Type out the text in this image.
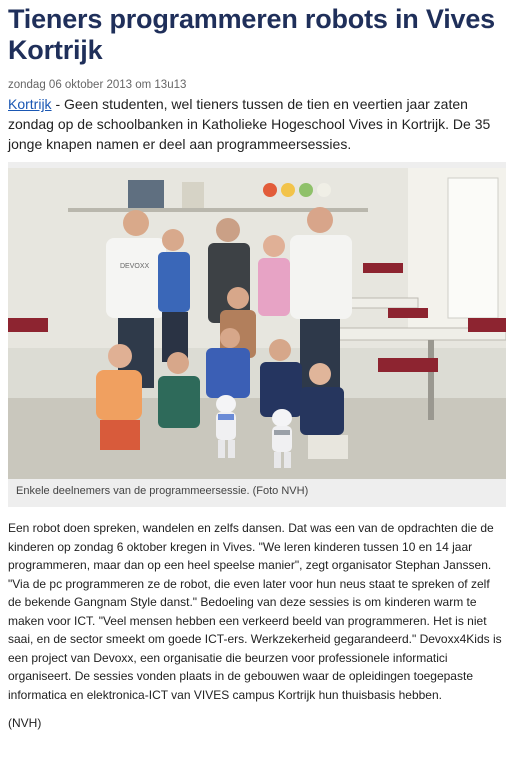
Tieners programmeren robots in Vives Kortrijk
zondag 06 oktober 2013 om 13u13
Kortrijk - Geen studenten, wel tieners tussen de tien en veertien jaar zaten zondag op de schoolbanken in Katholieke Hogeschool Vives in Kortrijk. De 35 jonge knapen namen er deel aan programmeersessies.
DEVOXX
Enkele deelnemers van de programmeersessie. (Foto NVH)
Een robot doen spreken, wandelen en zelfs dansen. Dat was een van de opdrachten die de kinderen op zondag 6 oktober kregen in Vives. "We leren kinderen tussen 10 en 14 jaar programmeren, maar dan op een heel speelse manier", zegt organisator Stephan Janssen. "Via de pc programmeren ze de robot, die even later voor hun neus staat te spreken of zelf de bekende Gangnam Style danst." Bedoeling van deze sessies is om kinderen warm te maken voor ICT. "Veel mensen hebben een verkeerd beeld van programmeren. Het is niet saai, en de sector smeekt om goede ICT-ers. Werkzekerheid gegarandeerd." Devoxx4Kids is een project van Devoxx, een organisatie die beurzen voor professionele informatici organiseert. De sessies vonden plaats in de gebouwen waar de opleidingen toegepaste informatica en elektronica-ICT van VIVES campus Kortrijk hun thuisbasis hebben.
(NVH)
